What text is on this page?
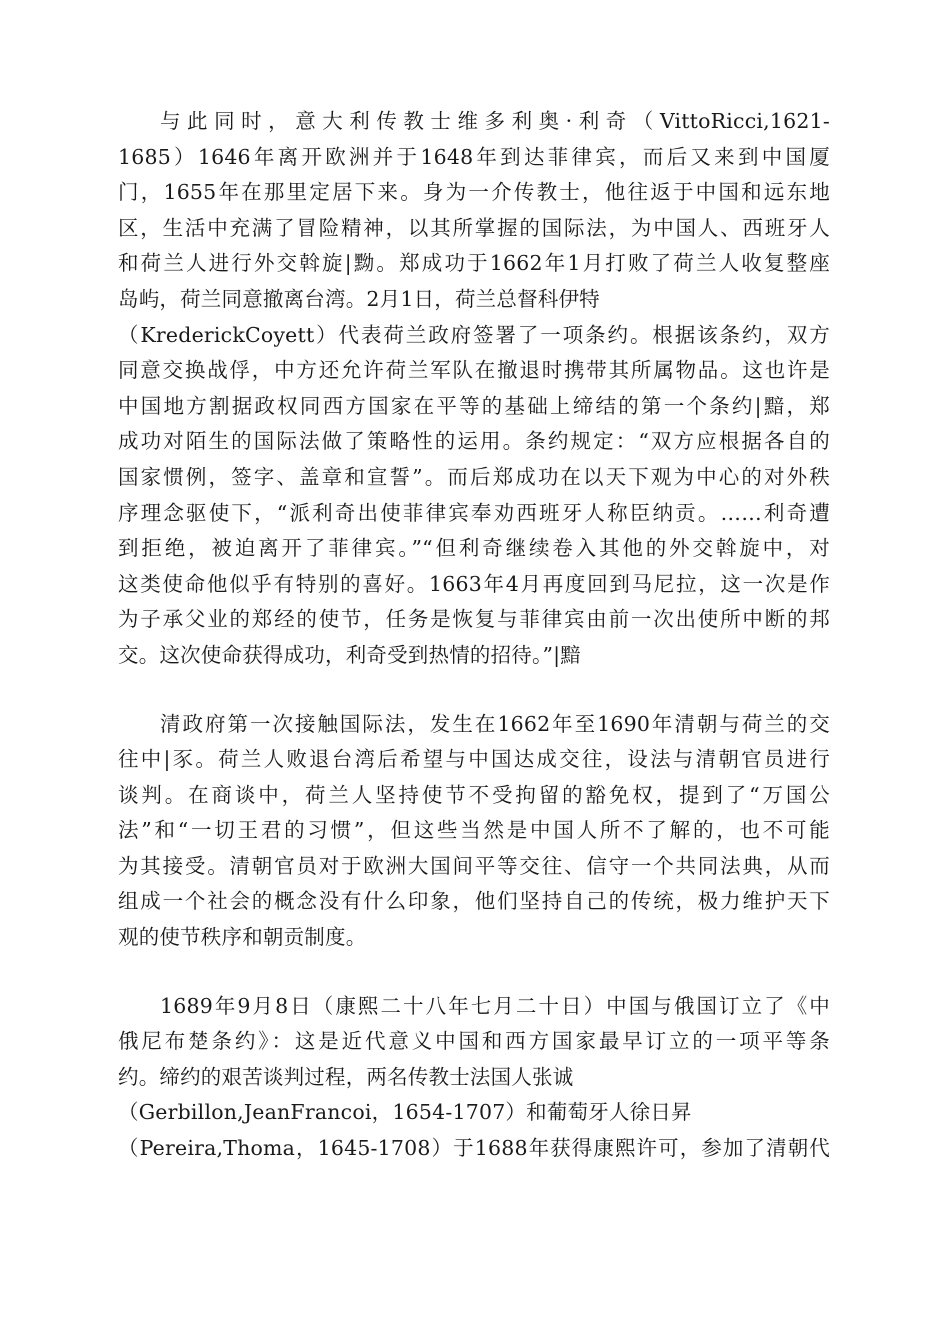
与此同时，意大利传教士维多利奥·利奇（VittoRicci,1621-
1685）1646年离开欧洲并于1648年到达菲律宾，而后又来到中国厦
门，1655年在那里定居下来。身为一介传教士，他往返于中国和远东地
区，生活中充满了冒险精神，以其所掌握的国际法，为中国人、西班牙人
和荷兰人进行外交斡旋|黝。郑成功于1662年1月打败了荷兰人收复整座
岛屿，荷兰同意撤离台湾。2月1日，荷兰总督科伊特
（KrederickCoyett）代表荷兰政府签署了一项条约。根据该条约，双方
同意交换战俘，中方还允许荷兰军队在撤退时携带其所属物品。这也许是
中国地方割据政权同西方国家在平等的基础上缔结的第一个条约|黯，郑
成功对陌生的国际法做了策略性的运用。条约规定：“双方应根据各自的
国家惯例，签字、盖章和宣誓”。而后郑成功在以天下观为中心的对外秩
序理念驱使下，“派利奇出使菲律宾奉劝西班牙人称臣纳贡。……利奇遭
到拒绝，被迫离开了菲律宾。”“但利奇继续卷入其他的外交斡旋中，对
这类使命他似乎有特别的喜好。1663年4月再度回到马尼拉，这一次是作
为子承父业的郑经的使节，任务是恢复与菲律宾由前一次出使所中断的邦
交。这次使命获得成功，利奇受到热情的招待。”|黯
清政府第一次接触国际法，发生在1662年至1690年清朝与荷兰的交
往中|豕。荷兰人败退台湾后希望与中国达成交往，设法与清朝官员进行
谈判。在商谈中，荷兰人坚持使节不受拘留的豁免权，提到了“万国公
法”和“一切王君的习惯”，但这些当然是中国人所不了解的，也不可能
为其接受。清朝官员对于欧洲大国间平等交往、信守一个共同法典，从而
组成一个社会的概念没有什么印象，他们坚持自己的传统，极力维护天下
观的使节秩序和朝贡制度。
1689年9月8日（康熙二十八年七月二十日）中国与俄国订立了《中
俄尼布楚条约》：这是近代意义中国和西方国家最早订立的一项平等条
约。缔约的艰苦谈判过程，两名传教士法国人张诚
（Gerbillon,JeanFrancoi，1654-1707）和葡萄牙人徐日昇
（Pereira,Thoma，1645-1708）于1688年获得康熙许可，参加了清朝代
